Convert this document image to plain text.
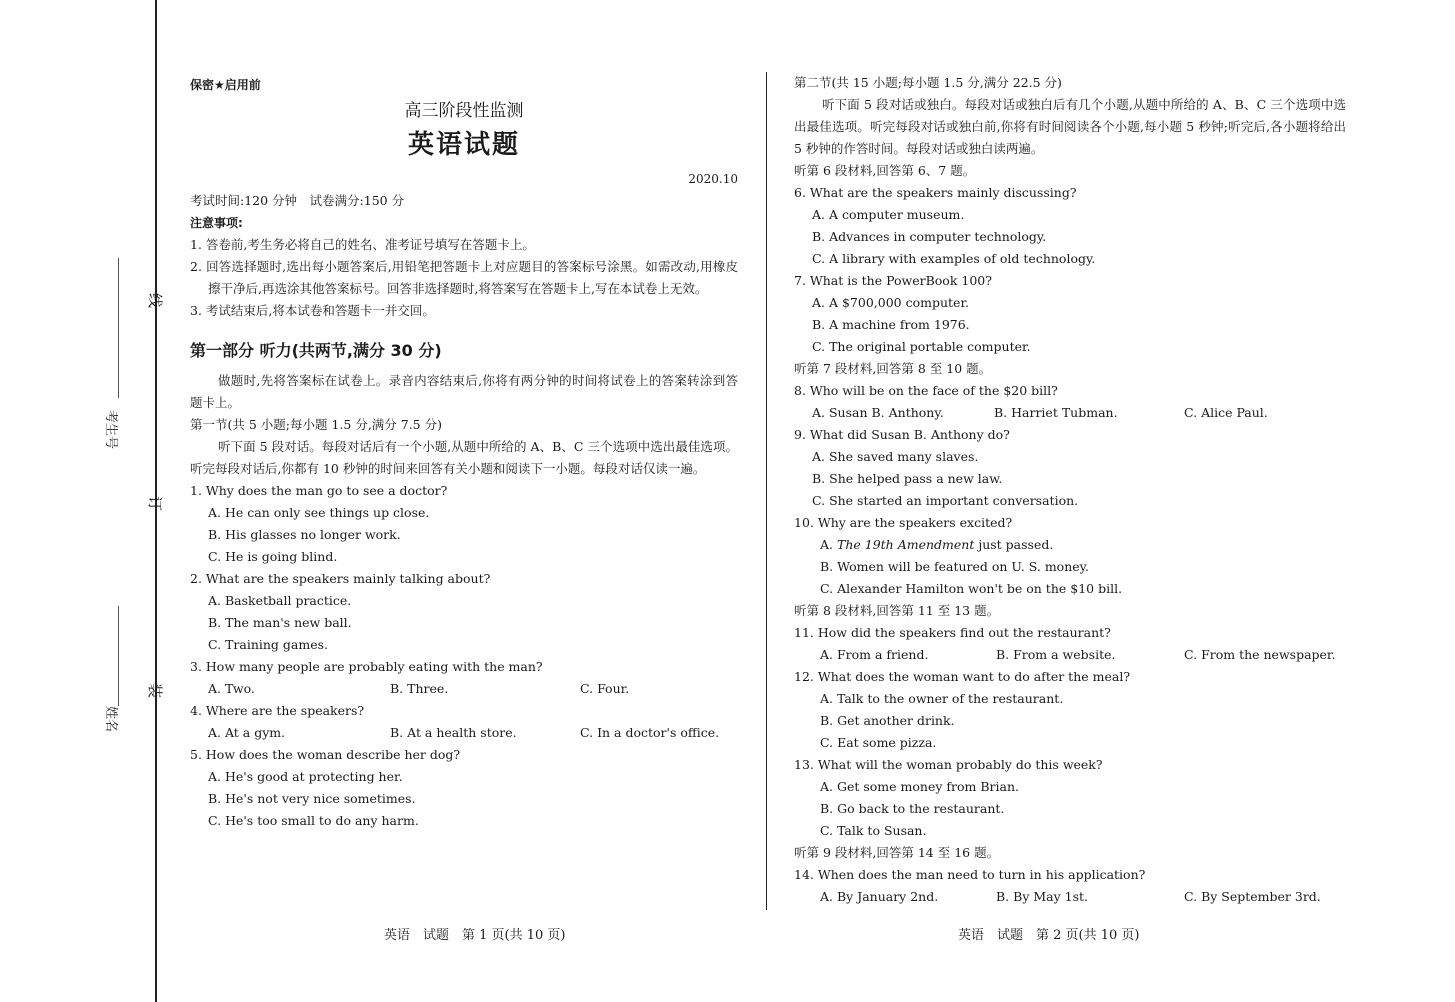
线
订
装
考生号
姓名
保密★启用前
高三阶段性监测
英语试题
2020.10
考试时间:120 分钟　试卷满分:150 分
注意事项:
1. 答卷前,考生务必将自己的姓名、准考证号填写在答题卡上。
2. 回答选择题时,选出每小题答案后,用铅笔把答题卡上对应题目的答案标号涂黑。如需改动,用橡皮擦干净后,再选涂其他答案标号。回答非选择题时,将答案写在答题卡上,写在本试卷上无效。
3. 考试结束后,将本试卷和答题卡一并交回。
第一部分 听力(共两节,满分 30 分)
做题时,先将答案标在试卷上。录音内容结束后,你将有两分钟的时间将试卷上的答案转涂到答题卡上。
第一节(共 5 小题;每小题 1.5 分,满分 7.5 分)
听下面 5 段对话。每段对话后有一个小题,从题中所给的 A、B、C 三个选项中选出最佳选项。听完每段对话后,你都有 10 秒钟的时间来回答有关小题和阅读下一小题。每段对话仅读一遍。
1. Why does the man go to see a doctor?
A. He can only see things up close.
B. His glasses no longer work.
C. He is going blind.
2. What are the speakers mainly talking about?
A. Basketball practice.
B. The man's new ball.
C. Training games.
3. How many people are probably eating with the man?
A. Two.	B. Three.	C. Four.
4. Where are the speakers?
A. At a gym.	B. At a health store.	C. In a doctor's office.
5. How does the woman describe her dog?
A. He's good at protecting her.
B. He's not very nice sometimes.
C. He's too small to do any harm.
第二节(共 15 小题;每小题 1.5 分,满分 22.5 分)
听下面 5 段对话或独白。每段对话或独白后有几个小题,从题中所给的 A、B、C 三个选项中选出最佳选项。听完每段对话或独白前,你将有时间阅读各个小题,每小题 5 秒钟;听完后,各小题将给出 5 秒钟的作答时间。每段对话或独白读两遍。
听第 6 段材料,回答第 6、7 题。
6. What are the speakers mainly discussing?
A. A computer museum.
B. Advances in computer technology.
C. A library with examples of old technology.
7. What is the PowerBook 100?
A. A $700,000 computer.
B. A machine from 1976.
C. The original portable computer.
听第 7 段材料,回答第 8 至 10 题。
8. Who will be on the face of the $20 bill?
A. Susan B. Anthony.	B. Harriet Tubman.	C. Alice Paul.
9. What did Susan B. Anthony do?
A. She saved many slaves.
B. She helped pass a new law.
C. She started an important conversation.
10. Why are the speakers excited?
A. The 19th Amendment just passed.
B. Women will be featured on U. S. money.
C. Alexander Hamilton won't be on the $10 bill.
听第 8 段材料,回答第 11 至 13 题。
11. How did the speakers find out the restaurant?
A. From a friend.	B. From a website.	C. From the newspaper.
12. What does the woman want to do after the meal?
A. Talk to the owner of the restaurant.
B. Get another drink.
C. Eat some pizza.
13. What will the woman probably do this week?
A. Get some money from Brian.
B. Go back to the restaurant.
C. Talk to Susan.
听第 9 段材料,回答第 14 至 16 题。
14. When does the man need to turn in his application?
A. By January 2nd.	B. By May 1st.	C. By September 3rd.
英语　试题　第 1 页(共 10 页)	英语　试题　第 2 页(共 10 页)
